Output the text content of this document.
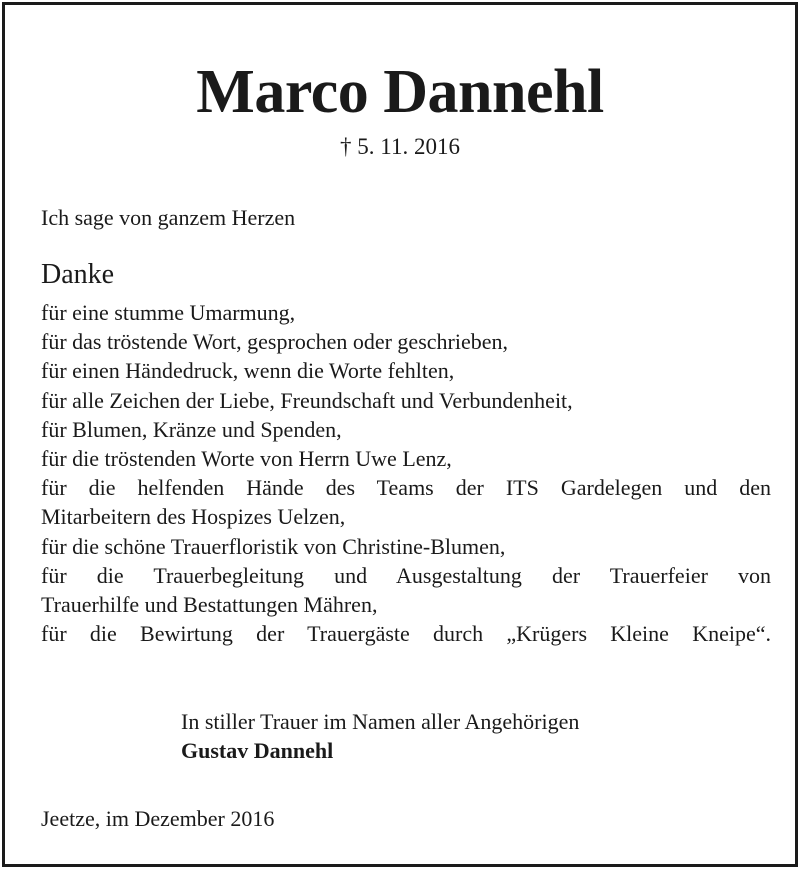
Marco Dannehl
† 5. 11. 2016
Ich sage von ganzem Herzen
Danke
für eine stumme Umarmung,
für das tröstende Wort, gesprochen oder geschrieben,
für einen Händedruck, wenn die Worte fehlten,
für alle Zeichen der Liebe, Freundschaft und Verbundenheit,
für Blumen, Kränze und Spenden,
für die tröstenden Worte von Herrn Uwe Lenz,
für die helfenden Hände des Teams der ITS Gardelegen und den
Mitarbeitern des Hospizes Uelzen,
für die schöne Trauerfloristik von Christine-Blumen,
für die Trauerbegleitung und Ausgestaltung der Trauerfeier von
Trauerhilfe und Bestattungen Mähren,
für die Bewirtung der Trauergäste durch „Krügers Kleine Kneipe“.
In stiller Trauer im Namen aller Angehörigen
Gustav Dannehl
Jeetze, im Dezember 2016
